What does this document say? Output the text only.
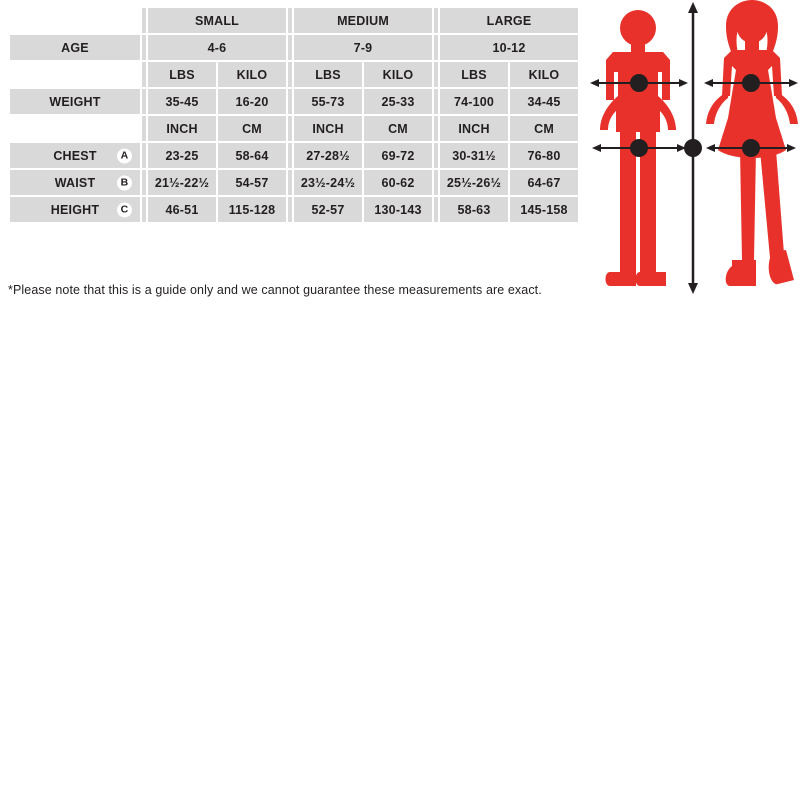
		SMALL			MEDIUM			LARGE	
AGE		4-6			7-9			10-12	
		LBS	KILO		LBS	KILO		LBS	KILO
WEIGHT		35-45	16-20		55-73	25-33		74-100	34-45
		INCH	CM		INCH	CM		INCH	CM
CHEST A		23-25	58-64		27-28½	69-72		30-31½	76-80
WAIST B		21½-22½	54-57		23½-24½	60-62		25½-26½	64-67
HEIGHT C		46-51	115-128		52-57	130-143		58-63	145-158
*Please note that this is a guide only and we cannot guarantee these measurements are exact.
A
B
A
B
C
